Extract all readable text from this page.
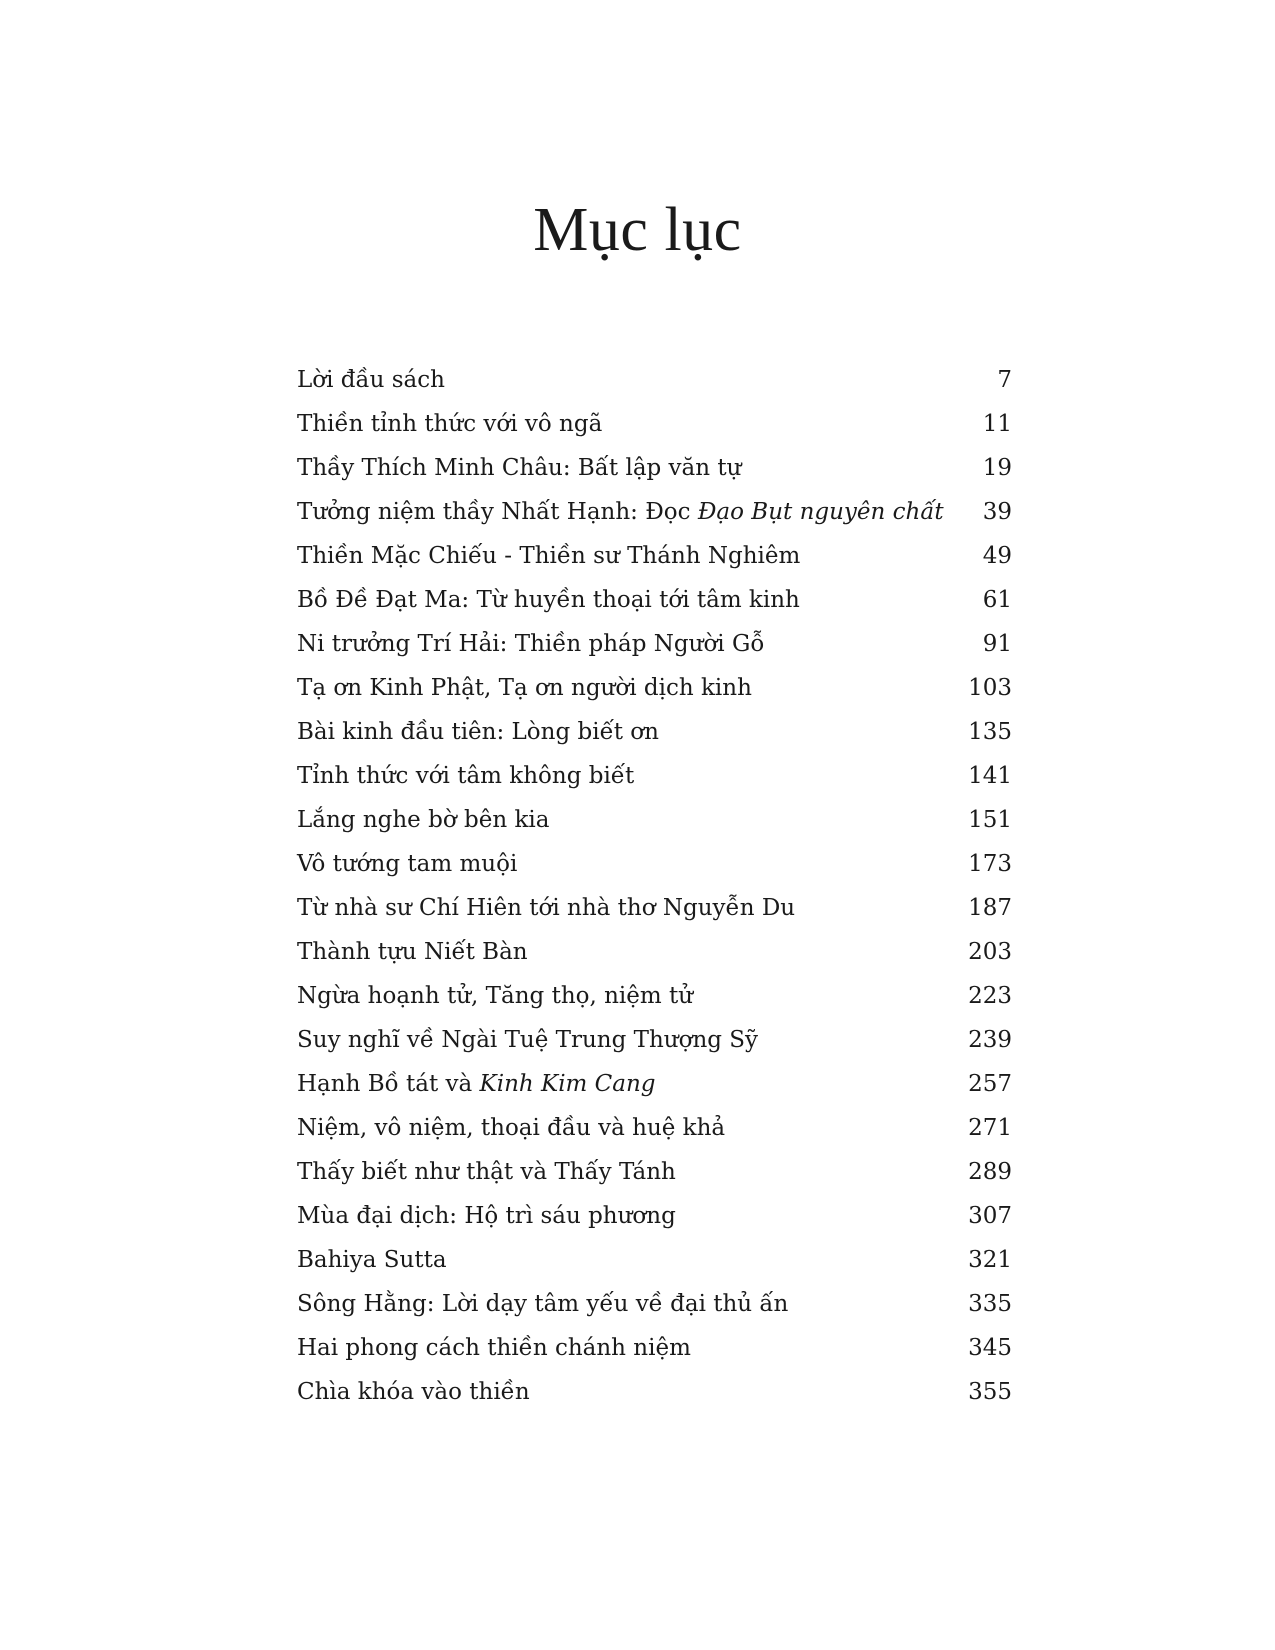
Mục lục
Lời đầu sách	7
Thiền tỉnh thức với vô ngã	11
Thầy Thích Minh Châu: Bất lập văn tự	19
Tưởng niệm thầy Nhất Hạnh: Đọc Đạo Bụt nguyên chất 39
Thiền Mặc Chiếu - Thiền sư Thánh Nghiêm	49
Bồ Đề Đạt Ma: Từ huyền thoại tới tâm kinh	61
Ni trưởng Trí Hải: Thiền pháp Người Gỗ	91
Tạ ơn Kinh Phật, Tạ ơn người dịch kinh	103
Bài kinh đầu tiên: Lòng biết ơn	135
Tỉnh thức với tâm không biết	141
Lắng nghe bờ bên kia	151
Vô tướng tam muội	173
Từ nhà sư Chí Hiên tới nhà thơ Nguyễn Du	187
Thành tựu Niết Bàn	203
Ngừa hoạnh tử, Tăng thọ, niệm tử	223
Suy nghĩ về Ngài Tuệ Trung Thượng Sỹ	239
Hạnh Bồ tát và Kinh Kim Cang	257
Niệm, vô niệm, thoại đầu và huệ khả	271
Thấy biết như thật và Thấy Tánh	289
Mùa đại dịch: Hộ trì sáu phương	307
Bahiya Sutta	321
Sông Hằng: Lời dạy tâm yếu về đại thủ ấn	335
Hai phong cách thiền chánh niệm	345
Chìa khóa vào thiền	355
